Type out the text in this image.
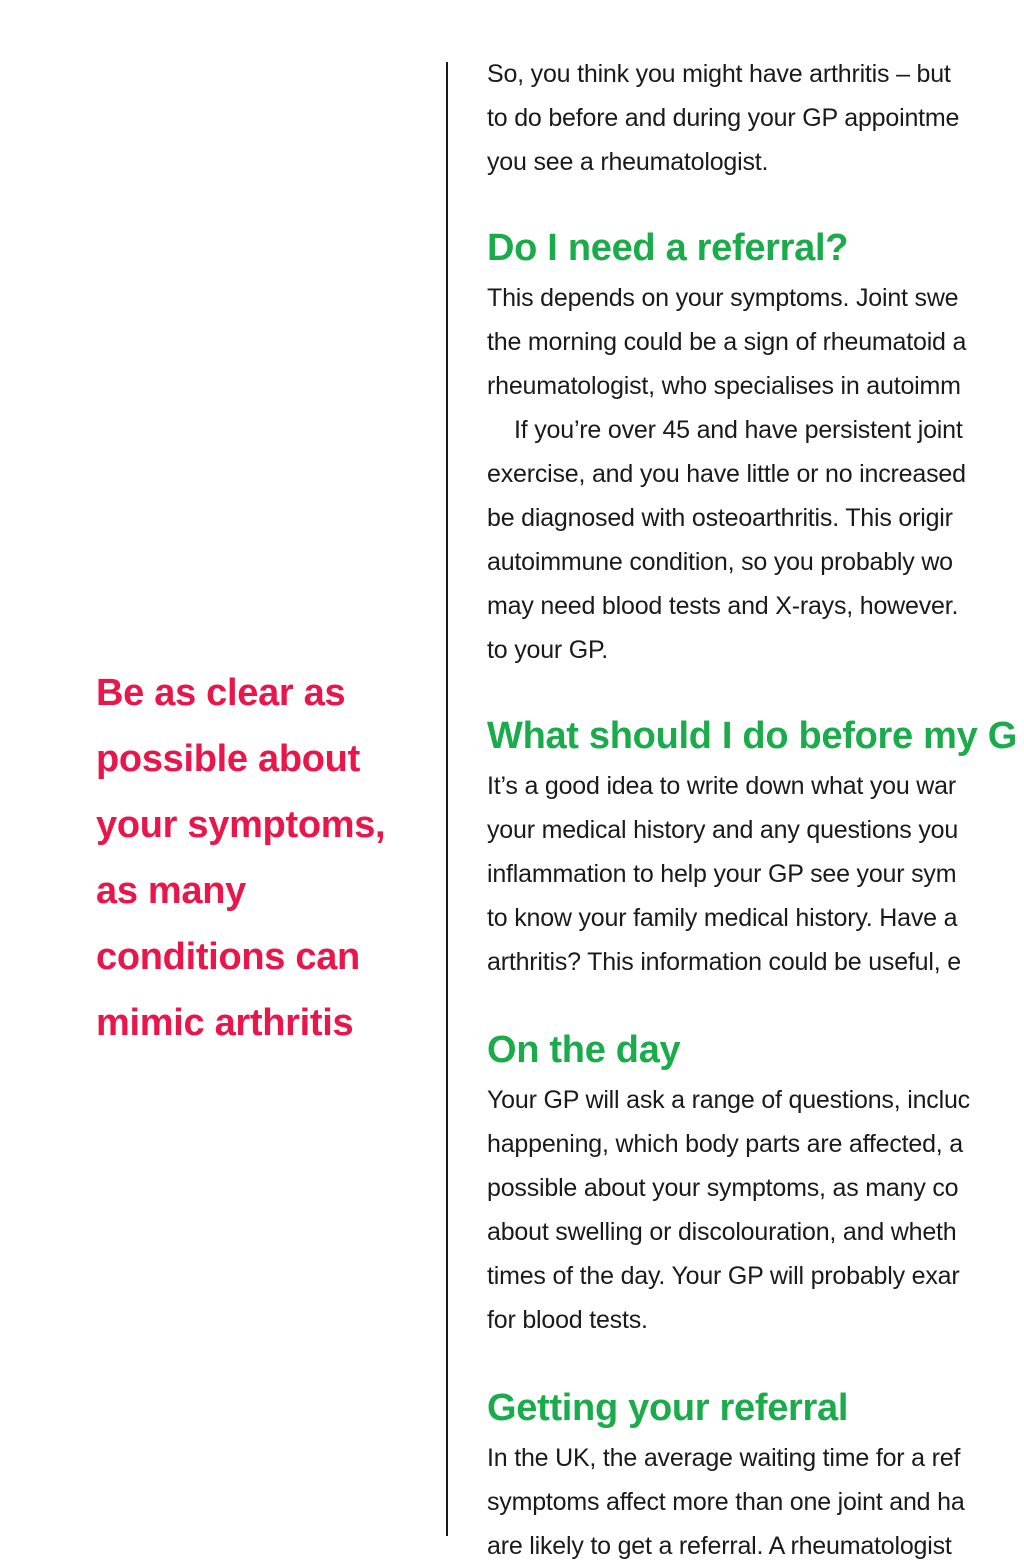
Be as clear as
possible about
your symptoms,
as many
conditions can
mimic arthritis

So, you think you might have arthritis – but
to do before and during your GP appointme
you see a rheumatologist.

Do I need a referral?

This depends on your symptoms. Joint swe
the morning could be a sign of rheumatoid a
rheumatologist, who specialises in autoimm

If you’re over 45 and have persistent joint
exercise, and you have little or no increased
be diagnosed with osteoarthritis. This origir
autoimmune condition, so you probably wo
may need blood tests and X-rays, however.
to your GP.

What should I do before my G

It’s a good idea to write down what you war
your medical history and any questions you
inflammation to help your GP see your sym
to know your family medical history. Have a
arthritis? This information could be useful, e

On the day

Your GP will ask a range of questions, incluc
happening, which body parts are affected, a
possible about your symptoms, as many co
about swelling or discolouration, and wheth
times of the day. Your GP will probably exar
for blood tests.

Getting your referral

In the UK, the average waiting time for a ref
symptoms affect more than one joint and ha
are likely to get a referral. A rheumatologist
